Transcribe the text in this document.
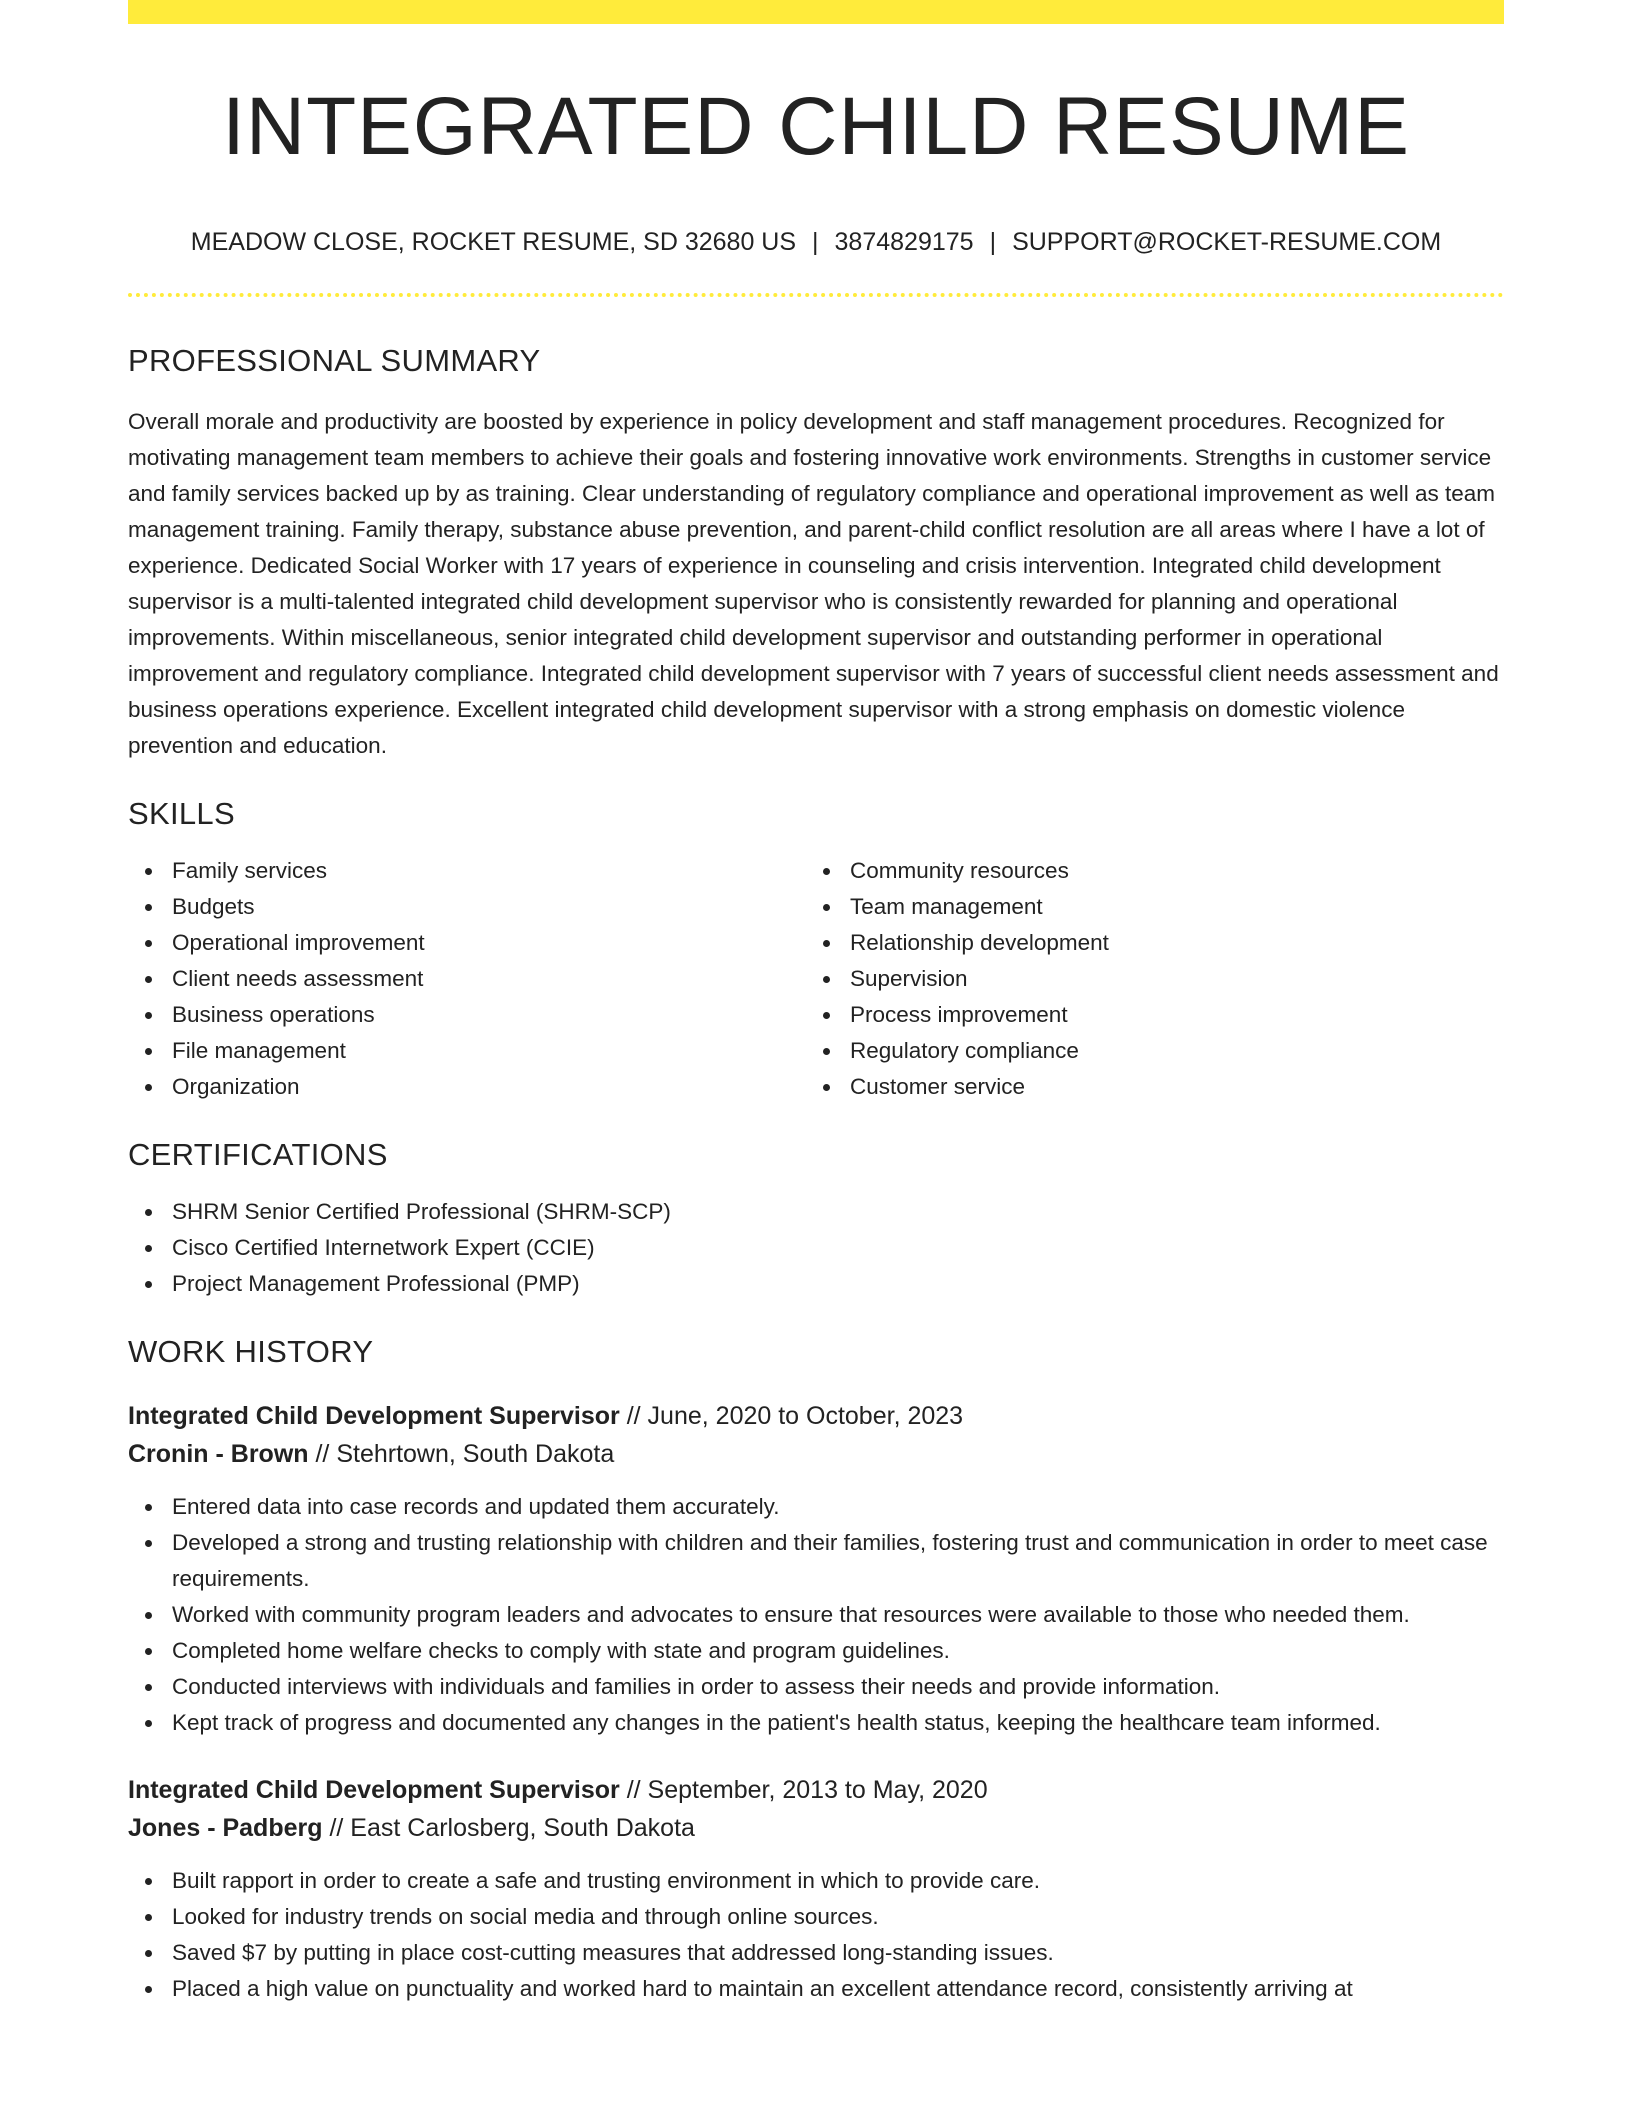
INTEGRATED CHILD RESUME
MEADOW CLOSE, ROCKET RESUME, SD 32680 US | 3874829175 | SUPPORT@ROCKET-RESUME.COM
PROFESSIONAL SUMMARY

Overall morale and productivity are boosted by experience in policy development and staff management procedures. Recognized for motivating management team members to achieve their goals and fostering innovative work environments. Strengths in customer service and family services backed up by as training. Clear understanding of regulatory compliance and operational improvement as well as team management training. Family therapy, substance abuse prevention, and parent-child conflict resolution are all areas where I have a lot of experience. Dedicated Social Worker with 17 years of experience in counseling and crisis intervention. Integrated child development supervisor is a multi-talented integrated child development supervisor who is consistently rewarded for planning and operational improvements. Within miscellaneous, senior integrated child development supervisor and outstanding performer in operational improvement and regulatory compliance. Integrated child development supervisor with 7 years of successful client needs assessment and business operations experience. Excellent integrated child development supervisor with a strong emphasis on domestic violence prevention and education.

SKILLS
Family services
Budgets
Operational improvement
Client needs assessment
Business operations
File management
Organization
Community resources
Team management
Relationship development
Supervision
Process improvement
Regulatory compliance
Customer service
CERTIFICATIONS
SHRM Senior Certified Professional (SHRM-SCP)
Cisco Certified Internetwork Expert (CCIE)
Project Management Professional (PMP)
WORK HISTORY
Integrated Child Development Supervisor // June, 2020 to October, 2023
Cronin - Brown // Stehrtown, South Dakota
Entered data into case records and updated them accurately.
Developed a strong and trusting relationship with children and their families, fostering trust and communication in order to meet case requirements.
Worked with community program leaders and advocates to ensure that resources were available to those who needed them.
Completed home welfare checks to comply with state and program guidelines.
Conducted interviews with individuals and families in order to assess their needs and provide information.
Kept track of progress and documented any changes in the patient's health status, keeping the healthcare team informed.
Integrated Child Development Supervisor // September, 2013 to May, 2020
Jones - Padberg // East Carlosberg, South Dakota
Built rapport in order to create a safe and trusting environment in which to provide care.
Looked for industry trends on social media and through online sources.
Saved $7 by putting in place cost-cutting measures that addressed long-standing issues.
Placed a high value on punctuality and worked hard to maintain an excellent attendance record, consistently arriving at
